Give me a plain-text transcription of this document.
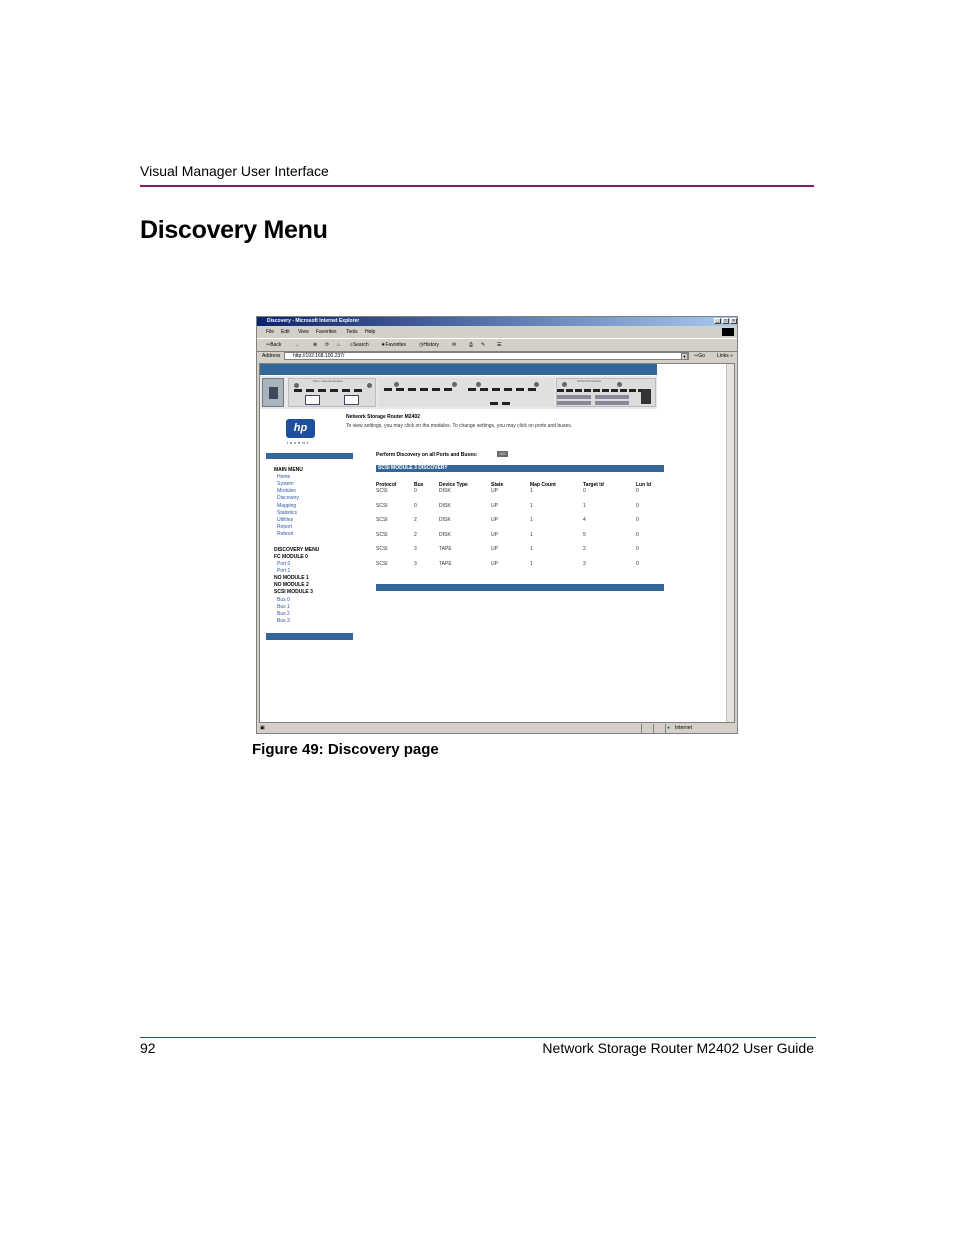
Visual Manager User Interface
Discovery Menu
Discovery - Microsoft Internet Explorer	_	□	×
File Edit View Favorites Tools Help
⇦Back	→	⊗ ⟳ ⌂ ⌕Search ★Favorites	◷History	✉	⎙ ✎ ☰
Address	http://192.168.100.237/	▼	⇨Go Links »
Fibre Channel Module	SCSI/LVD Module
hp
invent
Network Storage Router M2402
To view settings, you may click on the modules. To change settings, you may click on ports and buses.
MAIN MENU
Home
System
Modules
Discovery
Mapping
Statistics
Utilities
Report
Reboot
DISCOVERY MENU
FC MODULE 0
Port 0
Port 1
NO MODULE 1
NO MODULE 2
SCSI MODULE 3
Bus 0
Bus 1
Bus 2
Bus 3
Perform Discovery on all Ports and Buses:	GO
SCSI MODULE 3 DISCOVERY
Protocol	Bus	Device Type	State	Map Count	Target Id	Lun Id
SCSI	0	DISK	UP	1	0	0
SCSI	0	DISK	UP	1	1	0
SCSI	2	DISK	UP	1	4	0
SCSI	2	DISK	UP	1	5	0
SCSI	3	TAPE	UP	1	2	0
SCSI	3	TAPE	UP	1	3	0
▣	● Internet
Figure 49: Discovery page
92	Network Storage Router M2402 User Guide
